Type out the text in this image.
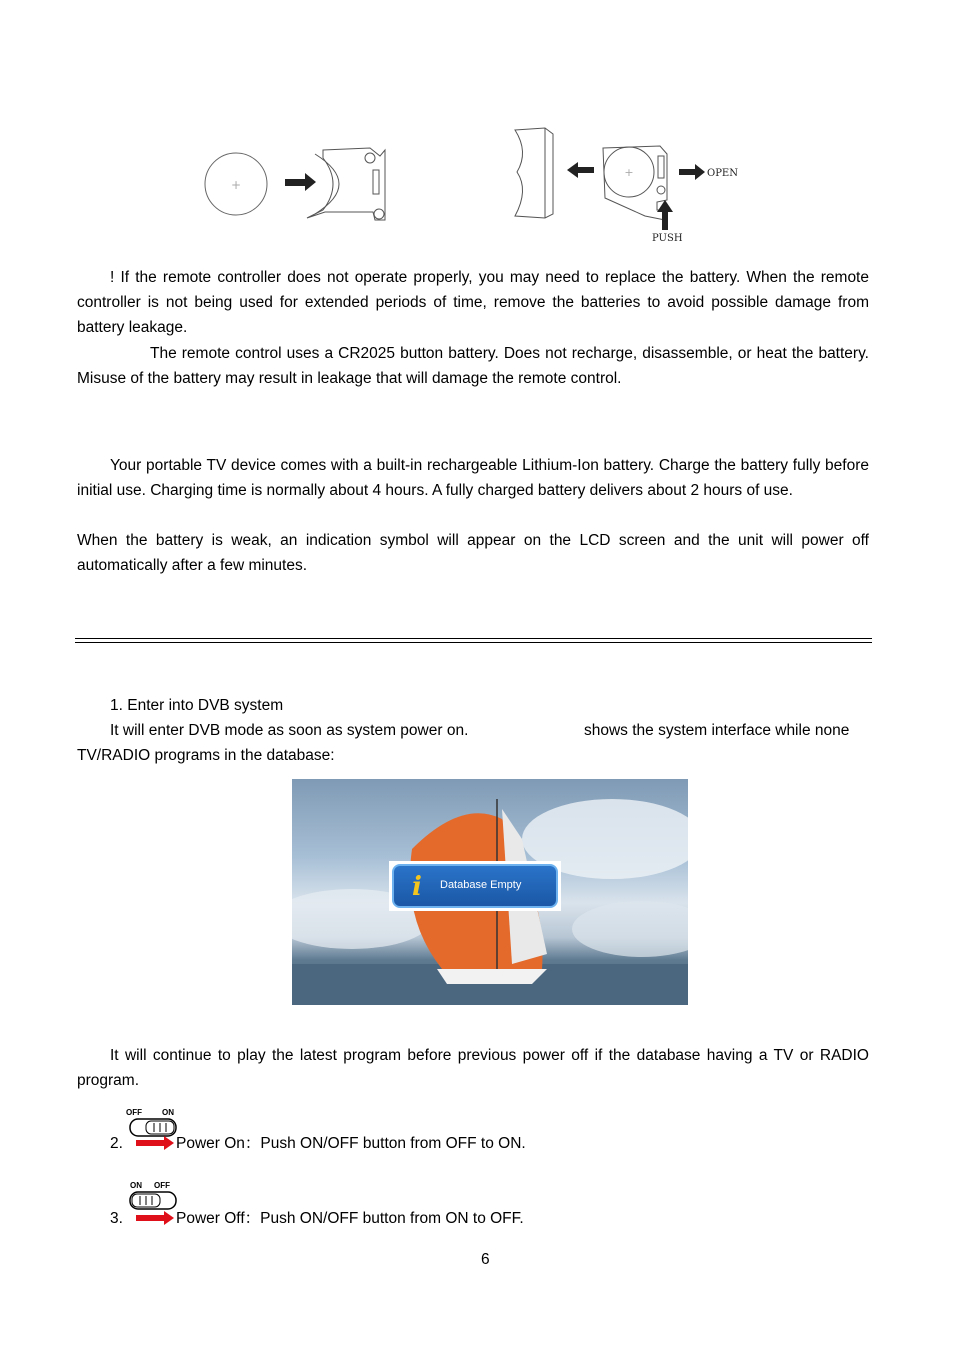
+
+	OPEN
PUSH

! If the remote controller does not operate properly, you may need to replace the battery. When the remote controller is not being used for extended periods of time, remove the batteries to avoid possible damage from battery leakage.

The remote control uses a CR2025 button battery. Does not recharge, disassemble, or heat the battery. Misuse of the battery may result in leakage that will damage the remote control.

Your portable TV device comes with a built-in rechargeable Lithium-Ion battery. Charge the battery fully before initial use. Charging time is normally about 4 hours. A fully charged battery delivers about 2 hours of use.

When the battery is weak, an indication symbol will appear on the LCD screen and the unit will power off automatically after a few minutes.

1. Enter into DVB system
It will enter DVB mode as soon as system power on.	shows the system interface while none
TV/RADIO programs in the database:
i Database Empty

It will continue to play the latest program before previous power off if the database having a TV or RADIO program.

OFF	ON
2.	Power On：Push ON/OFF button from OFF to ON.
ON OFF
3.	Power Off：Push ON/OFF button from ON to OFF.
6
